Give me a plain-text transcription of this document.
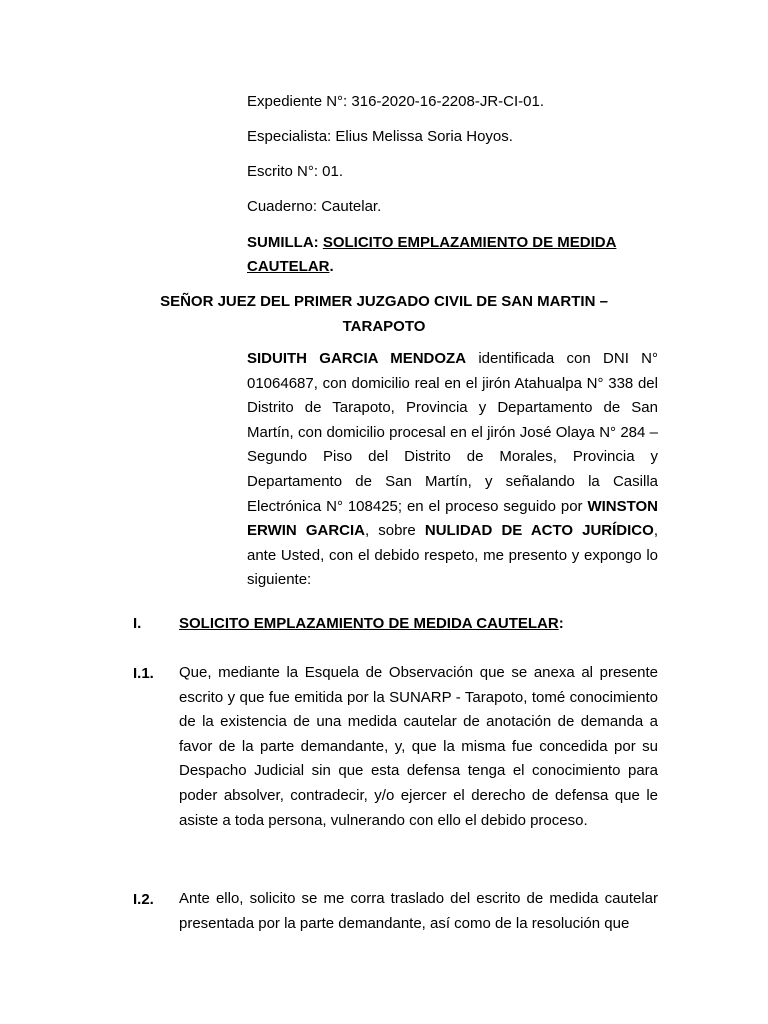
Expediente N°: 316-2020-16-2208-JR-CI-01.
Especialista: Elius Melissa Soria Hoyos.
Escrito N°: 01.
Cuaderno: Cautelar.
SUMILLA: SOLICITO EMPLAZAMIENTO DE MEDIDA
CAUTELAR.
SEÑOR JUEZ DEL PRIMER JUZGADO CIVIL DE SAN MARTIN –
TARAPOTO

SIDUITH GARCIA MENDOZA identificada con DNI N° 01064687, con domicilio real en el jirón Atahualpa N° 338 del Distrito de Tarapoto, Provincia y Departamento de San Martín, con domicilio procesal en el jirón José Olaya N° 284 – Segundo Piso del Distrito de Morales, Provincia y Departamento de San Martín, y señalando la Casilla Electrónica N° 108425; en el proceso seguido por WINSTON ERWIN GARCIA, sobre NULIDAD DE ACTO JURÍDICO, ante Usted, con el debido respeto, me presento y expongo lo siguiente:

I.	SOLICITO EMPLAZAMIENTO DE MEDIDA CAUTELAR:
I.1. Que, mediante la Esquela de Observación que se anexa al presente escrito y que fue emitida por la SUNARP - Tarapoto, tomé conocimiento de la existencia de una medida cautelar de anotación de demanda a favor de la parte demandante, y, que la misma fue concedida por su Despacho Judicial sin que esta defensa tenga el conocimiento para poder absolver, contradecir, y/o ejercer el derecho de defensa que le asiste a toda persona, vulnerando con ello el debido proceso.

I.2. Ante ello, solicito se me corra traslado del escrito de medida cautelar presentada por la parte demandante, así como de la resolución que
